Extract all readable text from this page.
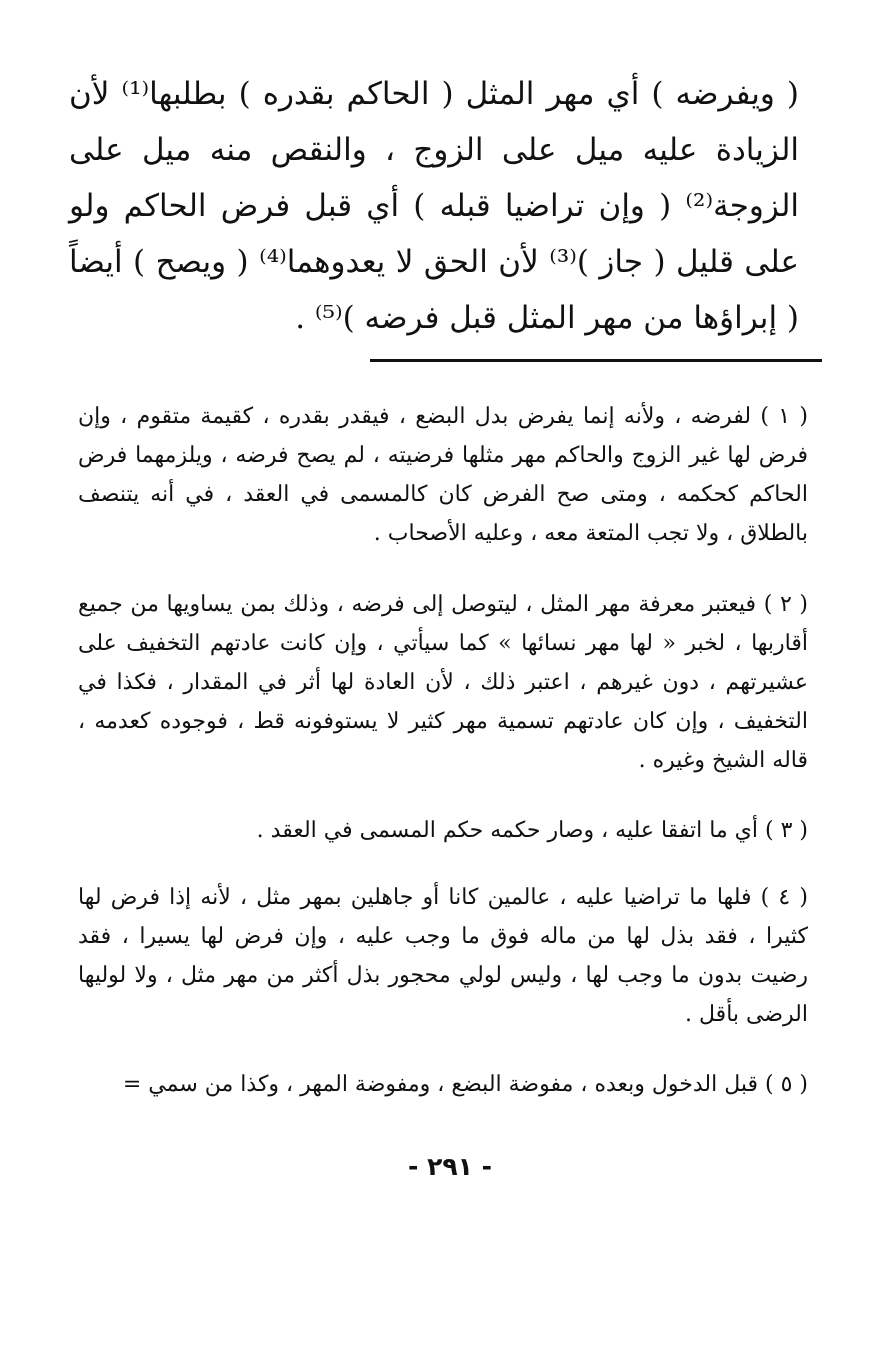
( ويفرضه ) أي مهر المثل ( الحاكم بقدره ) بطلبها⁽¹⁾ لأن الزيادة عليه ميل على الزوج ، والنقص منه ميل على الزوجة⁽²⁾ ( وإن تراضيا قبله ) أي قبل فرض الحاكم ولو على قليل ( جاز )⁽³⁾ لأن الحق لا يعدوهما⁽⁴⁾ ( ويصح ) أيضاً ( إبراؤها من مهر المثل قبل فرضه )⁽⁵⁾ .

( ١ ) لفرضه ، ولأنه إنما يفرض بدل البضع ، فيقدر بقدره ، كقيمة متقوم ، وإن فرض لها غير الزوج والحاكم مهر مثلها فرضيته ، لم يصح فرضه ، ويلزمهما فرض الحاكم كحكمه ، ومتى صح الفرض كان كالمسمى في العقد ، في أنه يتنصف بالطلاق ، ولا تجب المتعة معه ، وعليه الأصحاب .

( ٢ ) فيعتبر معرفة مهر المثل ، ليتوصل إلى فرضه ، وذلك بمن يساويها من جميع أقاربها ، لخبر « لها مهر نسائها » كما سيأتي ، وإن كانت عادتهم التخفيف على عشيرتهم ، دون غيرهم ، اعتبر ذلك ، لأن العادة لها أثر في المقدار ، فكذا في التخفيف ، وإن كان عادتهم تسمية مهر كثير لا يستوفونه قط ، فوجوده كعدمه ، قاله الشيخ وغيره .

( ٣ ) أي ما اتفقا عليه ، وصار حكمه حكم المسمى في العقد .

( ٤ ) فلها ما تراضيا عليه ، عالمين كانا أو جاهلين بمهر مثل ، لأنه إذا فرض لها كثيرا ، فقد بذل لها من ماله فوق ما وجب عليه ، وإن فرض لها يسيرا ، فقد رضيت بدون ما وجب لها ، وليس لولي محجور بذل أكثر من مهر مثل ، ولا لوليها الرضى بأقل .

( ٥ ) قبل الدخول وبعده ، مفوضة البضع ، ومفوضة المهر ، وكذا من سمي =

- ٢٩١ -
